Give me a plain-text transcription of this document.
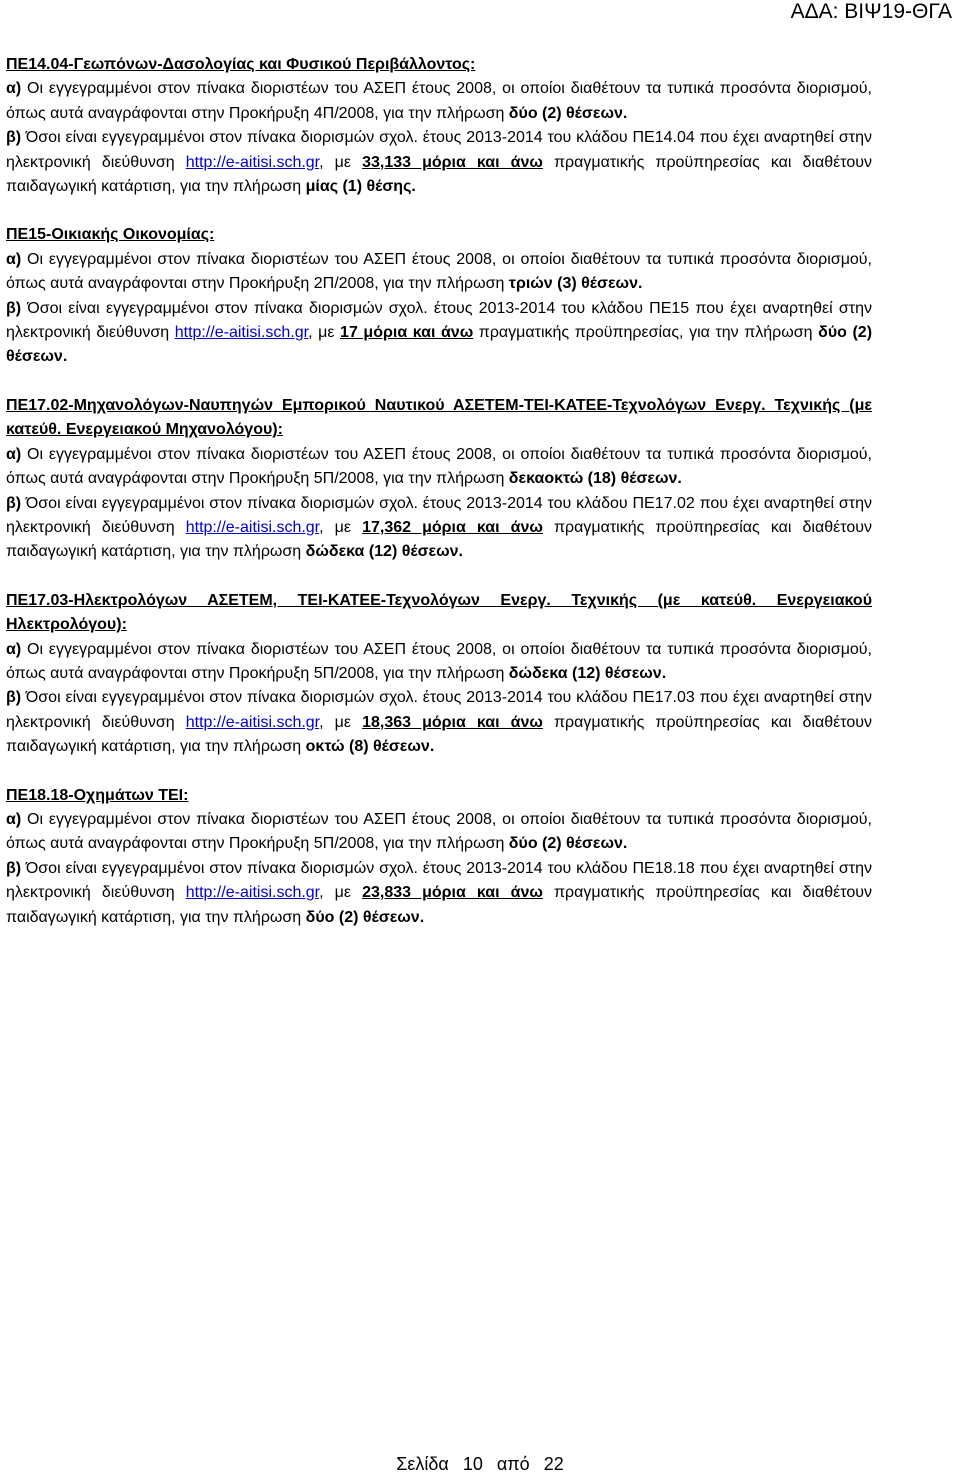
ΑΔΑ: ΒΙΨ19-ΘΓΑ

ΠΕ14.04-Γεωπόνων-Δασολογίας και Φυσικού Περιβάλλοντος:

α) Οι εγγεγραμμένοι στον πίνακα διοριστέων του ΑΣΕΠ έτους 2008, οι οποίοι διαθέτουν τα τυπικά προσόντα διορισμού, όπως αυτά αναγράφονται στην Προκήρυξη 4Π/2008, για την πλήρωση δύο (2) θέσεων.

β) Όσοι είναι εγγεγραμμένοι στον πίνακα διορισμών σχολ. έτους 2013-2014 του κλάδου ΠΕ14.04 που έχει αναρτηθεί στην ηλεκτρονική διεύθυνση http://e-aitisi.sch.gr, με 33,133 μόρια και άνω πραγματικής προϋπηρεσίας και διαθέτουν παιδαγωγική κατάρτιση, για την πλήρωση μίας (1) θέσης.

ΠΕ15-Οικιακής Οικονομίας:

α) Οι εγγεγραμμένοι στον πίνακα διοριστέων του ΑΣΕΠ έτους 2008, οι οποίοι διαθέτουν τα τυπικά προσόντα διορισμού, όπως αυτά αναγράφονται στην Προκήρυξη 2Π/2008, για την πλήρωση τριών (3) θέσεων.

β) Όσοι είναι εγγεγραμμένοι στον πίνακα διορισμών σχολ. έτους 2013-2014 του κλάδου ΠΕ15 που έχει αναρτηθεί στην ηλεκτρονική διεύθυνση http://e-aitisi.sch.gr, με 17 μόρια και άνω πραγματικής προϋπηρεσίας, για την πλήρωση δύο (2) θέσεων.

ΠΕ17.02-Μηχανολόγων-Ναυπηγών Εμπορικού Ναυτικού ΑΣΕΤΕΜ-ΤΕΙ-ΚΑΤΕΕ-Τεχνολόγων Ενεργ. Τεχνικής (με κατεύθ. Ενεργειακού Μηχανολόγου):

α) Οι εγγεγραμμένοι στον πίνακα διοριστέων του ΑΣΕΠ έτους 2008, οι οποίοι διαθέτουν τα τυπικά προσόντα διορισμού, όπως αυτά αναγράφονται στην Προκήρυξη 5Π/2008, για την πλήρωση δεκαοκτώ (18) θέσεων.

β) Όσοι είναι εγγεγραμμένοι στον πίνακα διορισμών σχολ. έτους 2013-2014 του κλάδου ΠΕ17.02 που έχει αναρτηθεί στην ηλεκτρονική διεύθυνση http://e-aitisi.sch.gr, με 17,362 μόρια και άνω πραγματικής προϋπηρεσίας και διαθέτουν παιδαγωγική κατάρτιση, για την πλήρωση δώδεκα (12) θέσεων.

ΠΕ17.03-Ηλεκτρολόγων ΑΣΕΤΕΜ, ΤΕΙ-ΚΑΤΕΕ-Τεχνολόγων Ενεργ. Τεχνικής (με κατεύθ. Ενεργειακού Ηλεκτρολόγου):

α) Οι εγγεγραμμένοι στον πίνακα διοριστέων του ΑΣΕΠ έτους 2008, οι οποίοι διαθέτουν τα τυπικά προσόντα διορισμού, όπως αυτά αναγράφονται στην Προκήρυξη 5Π/2008, για την πλήρωση δώδεκα (12) θέσεων.

β) Όσοι είναι εγγεγραμμένοι στον πίνακα διορισμών σχολ. έτους 2013-2014 του κλάδου ΠΕ17.03 που έχει αναρτηθεί στην ηλεκτρονική διεύθυνση http://e-aitisi.sch.gr, με 18,363 μόρια και άνω πραγματικής προϋπηρεσίας και διαθέτουν παιδαγωγική κατάρτιση, για την πλήρωση οκτώ (8) θέσεων.

ΠΕ18.18-Οχημάτων ΤΕΙ:

α) Οι εγγεγραμμένοι στον πίνακα διοριστέων του ΑΣΕΠ έτους 2008, οι οποίοι διαθέτουν τα τυπικά προσόντα διορισμού, όπως αυτά αναγράφονται στην Προκήρυξη 5Π/2008, για την πλήρωση δύο (2) θέσεων.

β) Όσοι είναι εγγεγραμμένοι στον πίνακα διορισμών σχολ. έτους 2013-2014 του κλάδου ΠΕ18.18 που έχει αναρτηθεί στην ηλεκτρονική διεύθυνση http://e-aitisi.sch.gr, με 23,833 μόρια και άνω πραγματικής προϋπηρεσίας και διαθέτουν παιδαγωγική κατάρτιση, για την πλήρωση δύο (2) θέσεων.

Σελίδα 10 από 22
